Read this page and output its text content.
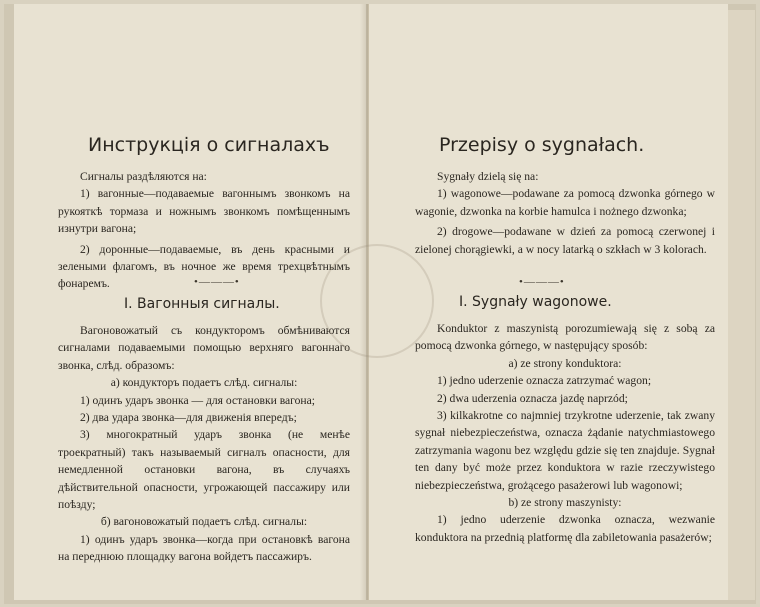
Инструкція о сигналахъ

Сигналы раздѣляются на:

1) вагонные—подаваемые вагоннымъ звонкомъ на рукояткѣ тормаза и ножнымъ звонкомъ помѣщеннымъ изнутри вагона;

2) доронные—подаваемые, въ день красными и зелеными флагомъ, въ ночное же время трехцвѣтнымъ фонаремъ.	•———•
I. Вагонныя сигналы.

Вагоновожатый съ кондукторомъ обмѣниваются сигналами подаваемыми помощью верхняго вагоннаго звонка, слѣд. образомъ:

а) кондукторъ подаетъ слѣд. сигналы:

1) одинъ ударъ звонка — для остановки вагона;

2) два удара звонка—для движенія впередъ;

3) многократный ударъ звонка (не менѣе троекратный) такъ называемый сигналъ опасности, для немедленной остановки вагона, въ случаяхъ дѣйствительной опасности, угрожающей пассажиру или поѣзду;

б) вагоновожатый подаетъ слѣд. сигналы:

1) одинъ ударъ звонка—когда при остановкѣ вагона на переднюю площадку вагона войдетъ пассажиръ.

Przepisy o sygnałach.

Sygnały dzielą się na:

1) wagonowe—podawane za pomocą dzwonka górnego w wagonie, dzwonka na korbie hamulca i nożnego dzwonka;

2) drogowe—podawane w dzień za pomocą czerwonej i zielonej chorągiewki, a w nocy latarką o szkłach w 3 kolorach.

•———•
I. Sygnały wagonowe.

Konduktor z maszynistą porozumiewają się z sobą za pomocą dzwonka górnego, w następujący sposób:

a) ze strony konduktora:

1) jedno uderzenie oznacza zatrzymać wagon;

2) dwa uderzenia oznacza jazdę naprzód;

3) kilkakrotne co najmniej trzykrotne uderzenie, tak zwany sygnał niebezpieczeństwa, oznacza żądanie natychmiastowego zatrzymania wagonu bez względu gdzie się ten znajduje. Sygnał ten dany być może przez konduktora w razie rzeczywistego niebezpieczeństwa, grożącego pasażerowi lub wagonowi;

b) ze strony maszynisty:

1) jedno uderzenie dzwonka oznacza, wezwanie konduktora na przednią platformę dla zabiletowania pasażerów;
